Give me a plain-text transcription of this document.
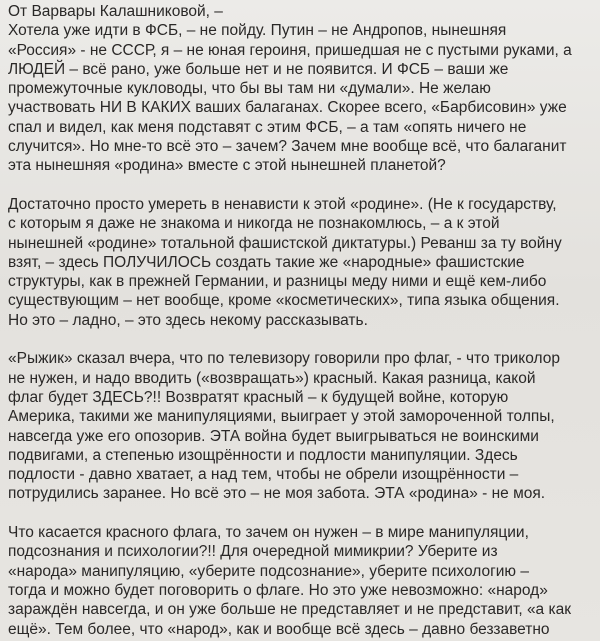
От Варвары Калашниковой, –
Хотела уже идти в ФСБ, – не пойду. Путин – не Андропов, нынешняя
«Россия» - не СССР, я – не юная героиня, пришедшая не с пустыми руками, а
ЛЮДЕЙ – всё рано, уже больше нет и не появится. И ФСБ – ваши же
промежуточные кукловоды, что бы вы там ни «думали». Не желаю
участвовать НИ В КАКИХ ваших балаганах. Скорее всего, «Барбисовин» уже
спал и видел, как меня подставят с этим ФСБ, – а там «опять ничего не
случится». Но мне-то всё это – зачем? Зачем мне вообще всё, что балаганит
эта нынешняя «родина» вместе с этой нынешней планетой?
Достаточно просто умереть в ненависти к этой «родине». (Не к государству,
с которым я даже не знакома и никогда не познакомлюсь, – а к этой
нынешней «родине» тотальной фашистской диктатуры.) Реванш за ту войну
взят, – здесь ПОЛУЧИЛОСЬ создать такие же «народные» фашистские
структуры, как в прежней Германии, и разницы меду ними и ещё кем-либо
существующим – нет вообще, кроме «косметических», типа языка общения.
Но это – ладно, – это здесь некому рассказывать.
«Рыжик» сказал вчера, что по телевизору говорили про флаг, - что триколор
не нужен, и надо вводить («возвращать») красный. Какая разница, какой
флаг будет ЗДЕСЬ?!! Возвратят красный – к будущей войне, которую
Америка, такими же манипуляциями, выиграет у этой замороченной толпы,
навсегда уже его опозорив. ЭТА война будет выигрываться не воинскими
подвигами, а степенью изощрённости и подлости манипуляции. Здесь
подлости - давно хватает, а над тем, чтобы не обрели изощрённости –
потрудились заранее. Но всё это – не моя забота. ЭТА «родина» - не моя.
Что касается красного флага, то зачем он нужен – в мире манипуляции,
подсознания и психологии?!! Для очередной мимикрии? Уберите из
«народа» манипуляцию, «уберите подсознание», уберите психологию –
тогда и можно будет поговорить о флаге. Но это уже невозможно: «народ»
зараждён навсегда, и он уже больше не представляет и не представит, «а как
ещё». Тем более, что «народ», как и вообще всё здесь – давно беззаветно
